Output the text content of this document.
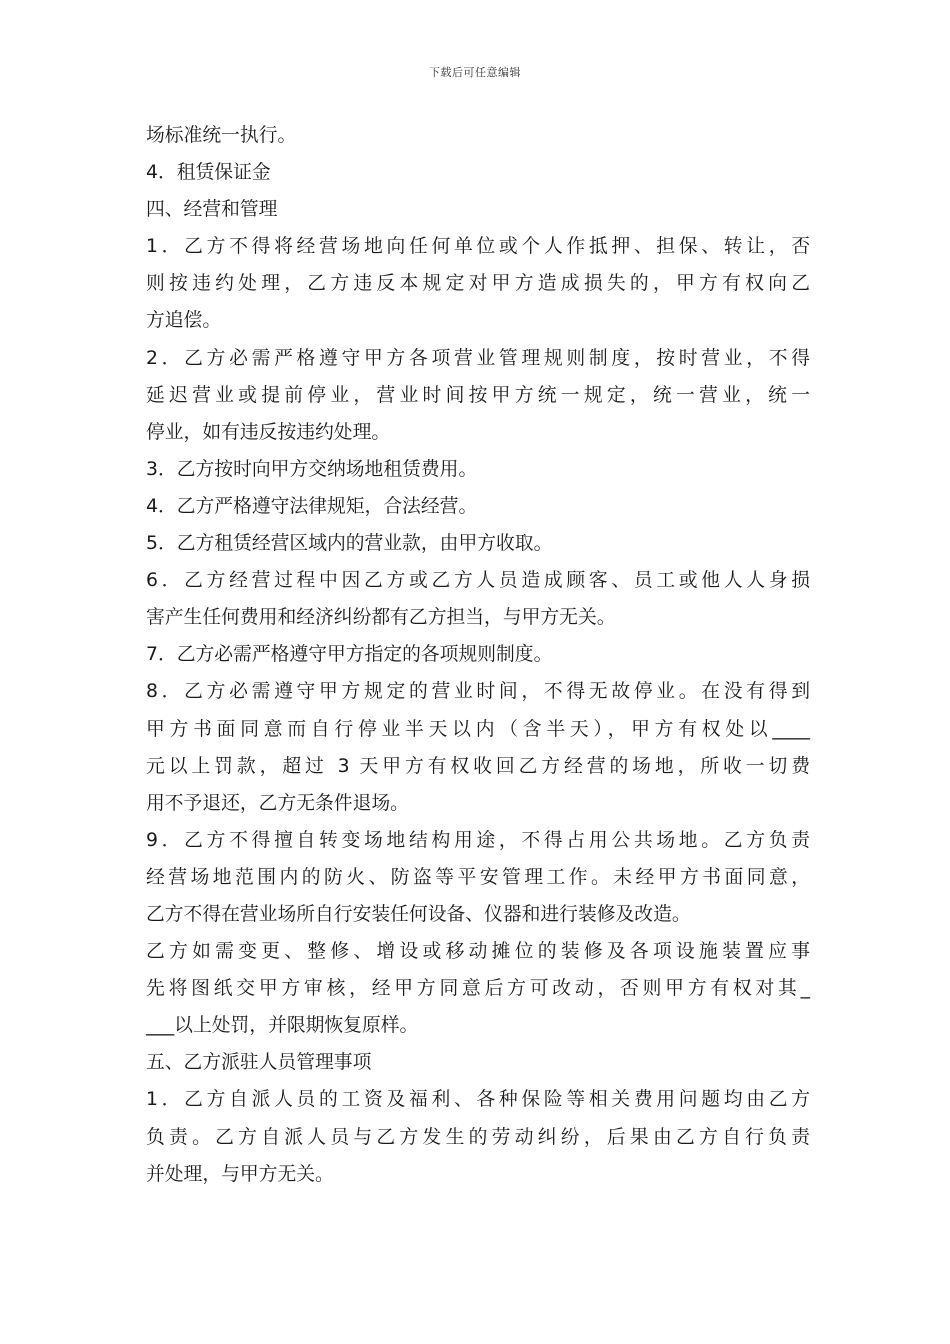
下载后可任意编辑
场标准统一执行。
4．租赁保证金
四、经营和管理
1．乙方不得将经营场地向任何单位或个人作抵押、担保、转让，否
则按违约处理，乙方违反本规定对甲方造成损失的，甲方有权向乙
方追偿。
2．乙方必需严格遵守甲方各项营业管理规则制度，按时营业，不得
延迟营业或提前停业，营业时间按甲方统一规定，统一营业，统一
停业，如有违反按违约处理。
3．乙方按时向甲方交纳场地租赁费用。
4．乙方严格遵守法律规矩，合法经营。
5．乙方租赁经营区域内的营业款，由甲方收取。
6．乙方经营过程中因乙方或乙方人员造成顾客、员工或他人人身损
害产生任何费用和经济纠纷都有乙方担当，与甲方无关。
7．乙方必需严格遵守甲方指定的各项规则制度。
8．乙方必需遵守甲方规定的营业时间，不得无故停业。在没有得到
甲方书面同意而自行停业半天以内（含半天），甲方有权处以____
元以上罚款，超过 3 天甲方有权收回乙方经营的场地，所收一切费
用不予退还，乙方无条件退场。
9．乙方不得擅自转变场地结构用途，不得占用公共场地。乙方负责
经营场地范围内的防火、防盗等平安管理工作。未经甲方书面同意，
乙方不得在营业场所自行安装任何设备、仪器和进行装修及改造。
乙方如需变更、整修、增设或移动摊位的装修及各项设施装置应事
先将图纸交甲方审核，经甲方同意后方可改动，否则甲方有权对其_
___以上处罚，并限期恢复原样。
五、乙方派驻人员管理事项
1．乙方自派人员的工资及福利、各种保险等相关费用问题均由乙方
负责。乙方自派人员与乙方发生的劳动纠纷，后果由乙方自行负责
并处理，与甲方无关。
